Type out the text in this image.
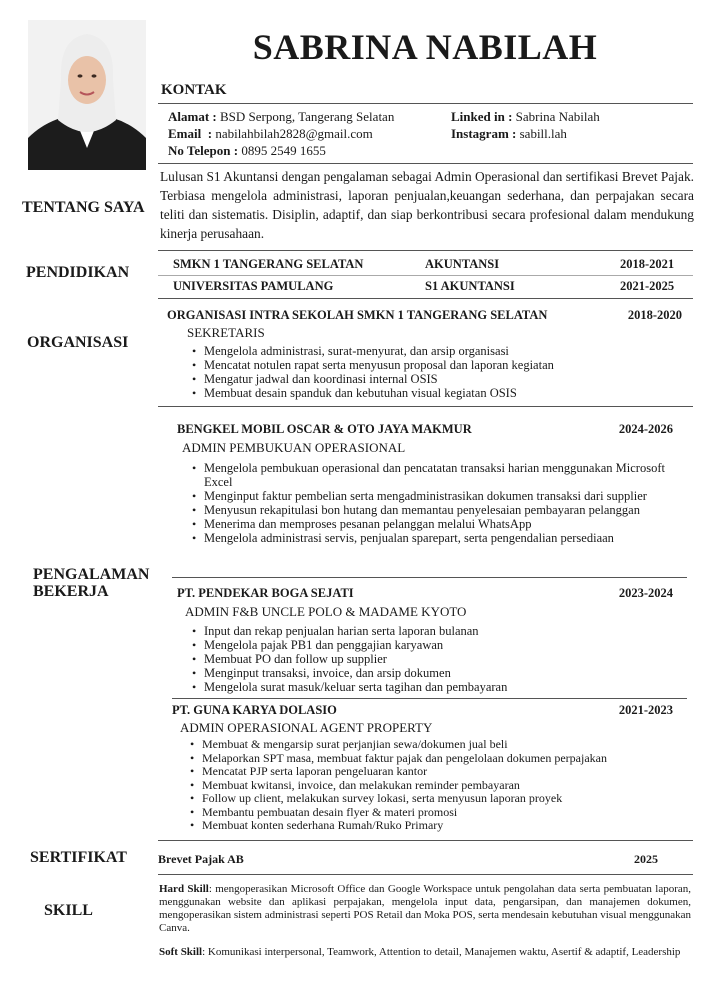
SABRINA NABILAH
KONTAK
Alamat : BSD Serpong, Tangerang Selatan
Email  : nabilahbilah2828@gmail.com
No Telepon : 0895 2549 1655
Linked in : Sabrina Nabilah
Instagram : sabill.lah
TENTANG SAYA
Lulusan S1 Akuntansi dengan pengalaman sebagai Admin Operasional dan sertifikasi Brevet Pajak. Terbiasa mengelola administrasi, laporan penjualan,keuangan sederhana, dan perpajakan secara teliti dan sistematis. Disiplin, adaptif, dan siap berkontribusi secara profesional dalam mendukung kinerja perusahaan.
PENDIDIKAN	SMKN 1 TANGERANG SELATAN	AKUNTANSI	2018-2021
UNIVERSITAS PAMULANG	S1 AKUNTANSI	2021-2025
ORGANISASI
ORGANISASI INTRA SEKOLAH SMKN 1 TANGERANG SELATAN	2018-2020
SEKRETARIS
• Mengelola administrasi, surat-menyurat, dan arsip organisasi
• Mencatat notulen rapat serta menyusun proposal dan laporan kegiatan
• Mengatur jadwal dan koordinasi internal OSIS
• Membuat desain spanduk dan kebutuhan visual kegiatan OSIS
PENGALAMAN
BEKERJA
BENGKEL MOBIL OSCAR & OTO JAYA MAKMUR	2024-2026
ADMIN PEMBUKUAN OPERASIONAL
• Mengelola pembukuan operasional dan pencatatan transaksi harian menggunakan Microsoft Excel
• Menginput faktur pembelian serta mengadministrasikan dokumen transaksi dari supplier
• Menyusun rekapitulasi bon hutang dan memantau penyelesaian pembayaran pelanggan
• Menerima dan memproses pesanan pelanggan melalui WhatsApp
• Mengelola administrasi servis, penjualan sparepart, serta pengendalian persediaan
PT. PENDEKAR BOGA SEJATI	2023-2024
ADMIN F&B UNCLE POLO & MADAME KYOTO
• Input dan rekap penjualan harian serta laporan bulanan
• Mengelola pajak PB1 dan penggajian karyawan
• Membuat PO dan follow up supplier
• Menginput transaksi, invoice, dan arsip dokumen
• Mengelola surat masuk/keluar serta tagihan dan pembayaran
PT. GUNA KARYA DOLASIO	2021-2023
ADMIN OPERASIONAL AGENT PROPERTY
• Membuat & mengarsip surat perjanjian sewa/dokumen jual beli
• Melaporkan SPT masa, membuat faktur pajak dan pengelolaan dokumen perpajakan
• Mencatat PJP serta laporan pengeluaran kantor
• Membuat kwitansi, invoice, dan melakukan reminder pembayaran
• Follow up client, melakukan survey lokasi, serta menyusun laporan proyek
• Membantu pembuatan desain flyer & materi promosi
• Membuat konten sederhana Rumah/Ruko Primary
SERTIFIKAT	Brevet Pajak AB	2025
SKILL
Hard Skill: mengoperasikan Microsoft Office dan Google Workspace untuk pengolahan data serta pembuatan laporan, menggunakan website dan aplikasi perpajakan, mengelola input data, pengarsipan, dan manajemen dokumen, mengoperasikan sistem administrasi seperti POS Retail dan Moka POS, serta mendesain kebutuhan visual menggunakan Canva.
Soft Skill: Komunikasi interpersonal, Teamwork, Attention to detail, Manajemen waktu, Asertif & adaptif, Leadership
